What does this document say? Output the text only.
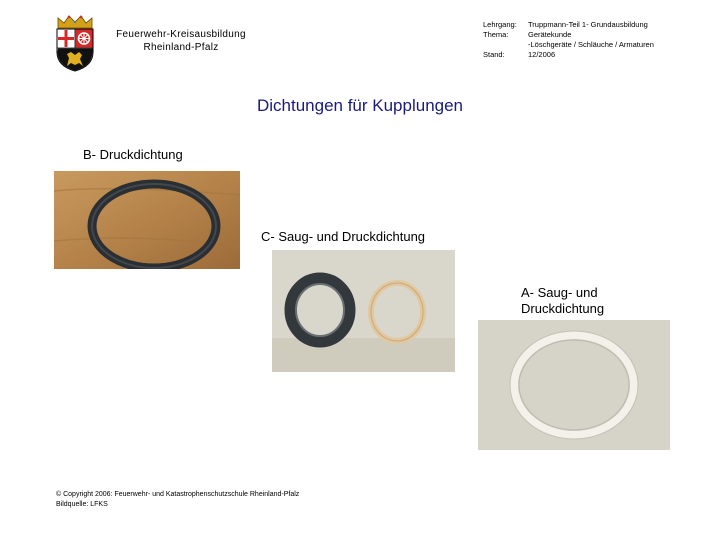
Feuerwehr-Kreisausbildung
Rheinland-Pfalz
Lehrgang:	Truppmann-Teil 1- Grundausbildung
Thema:	Gerätekunde
-Löschgeräte / Schläuche / Armaturen
Stand:	12/2006
Dichtungen für Kupplungen
B- Druckdichtung
C- Saug- und Druckdichtung
A- Saug- und
Druckdichtung
© Copyright 2006: Feuerwehr- und Katastrophenschutzschule Rheinland-Pfalz
Bildquelle: LFKS
